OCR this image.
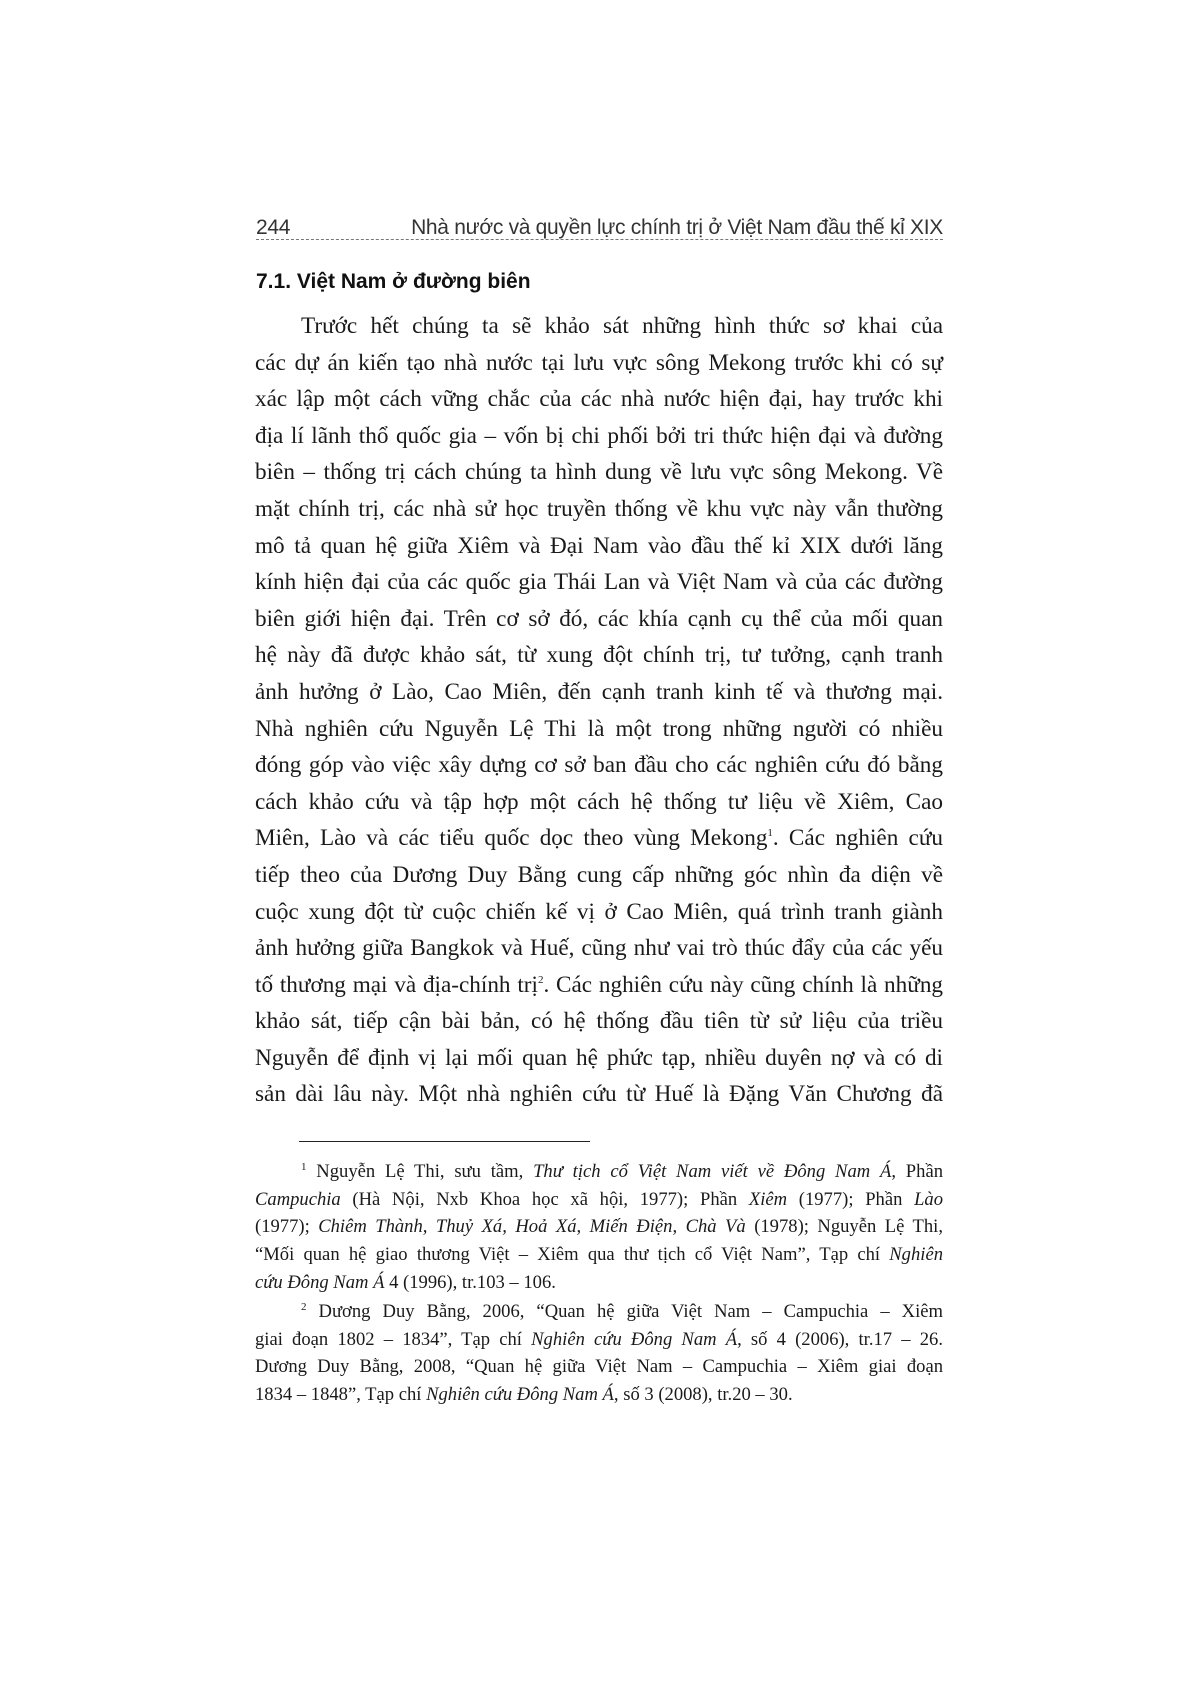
244	Nhà nước và quyền lực chính trị ở Việt Nam đầu thế kỉ XIX
7.1. Việt Nam ở đường biên
Trước hết chúng ta sẽ khảo sát những hình thức sơ khai của
các dự án kiến tạo nhà nước tại lưu vực sông Mekong trước khi có sự
xác lập một cách vững chắc của các nhà nước hiện đại, hay trước khi
địa lí lãnh thổ quốc gia – vốn bị chi phối bởi tri thức hiện đại và đường
biên – thống trị cách chúng ta hình dung về lưu vực sông Mekong. Về
mặt chính trị, các nhà sử học truyền thống về khu vực này vẫn thường
mô tả quan hệ giữa Xiêm và Đại Nam vào đầu thế kỉ XIX dưới lăng
kính hiện đại của các quốc gia Thái Lan và Việt Nam và của các đường
biên giới hiện đại. Trên cơ sở đó, các khía cạnh cụ thể của mối quan
hệ này đã được khảo sát, từ xung đột chính trị, tư tưởng, cạnh tranh
ảnh hưởng ở Lào, Cao Miên, đến cạnh tranh kinh tế và thương mại.
Nhà nghiên cứu Nguyễn Lệ Thi là một trong những người có nhiều
đóng góp vào việc xây dựng cơ sở ban đầu cho các nghiên cứu đó bằng
cách khảo cứu và tập hợp một cách hệ thống tư liệu về Xiêm, Cao
Miên, Lào và các tiểu quốc dọc theo vùng Mekong$^1$. Các nghiên cứu
tiếp theo của Dương Duy Bằng cung cấp những góc nhìn đa diện về
cuộc xung đột từ cuộc chiến kế vị ở Cao Miên, quá trình tranh giành
ảnh hưởng giữa Bangkok và Huế, cũng như vai trò thúc đẩy của các yếu
tố thương mại và địa-chính trị$^2$. Các nghiên cứu này cũng chính là những
khảo sát, tiếp cận bài bản, có hệ thống đầu tiên từ sử liệu của triều
Nguyễn để định vị lại mối quan hệ phức tạp, nhiều duyên nợ và có di
sản dài lâu này. Một nhà nghiên cứu từ Huế là Đặng Văn Chương đã
$^1$ Nguyễn Lệ Thi, sưu tầm, Thư tịch cổ Việt Nam viết về Đông Nam Á, Phần
Campuchia (Hà Nội, Nxb Khoa học xã hội, 1977); Phần Xiêm (1977); Phần Lào
(1977); Chiêm Thành, Thuỷ Xá, Hoả Xá, Miến Điện, Chà Và (1978); Nguyễn Lệ Thi,
“Mối quan hệ giao thương Việt – Xiêm qua thư tịch cổ Việt Nam”, Tạp chí Nghiên
cứu Đông Nam Á 4 (1996), tr.103 – 106.
$^2$ Dương Duy Bằng, 2006, “Quan hệ giữa Việt Nam – Campuchia – Xiêm
giai đoạn 1802 – 1834”, Tạp chí Nghiên cứu Đông Nam Á, số 4 (2006), tr.17 – 26.
Dương Duy Bằng, 2008, “Quan hệ giữa Việt Nam – Campuchia – Xiêm giai đoạn
1834 – 1848”, Tạp chí Nghiên cứu Đông Nam Á, số 3 (2008), tr.20 – 30.
